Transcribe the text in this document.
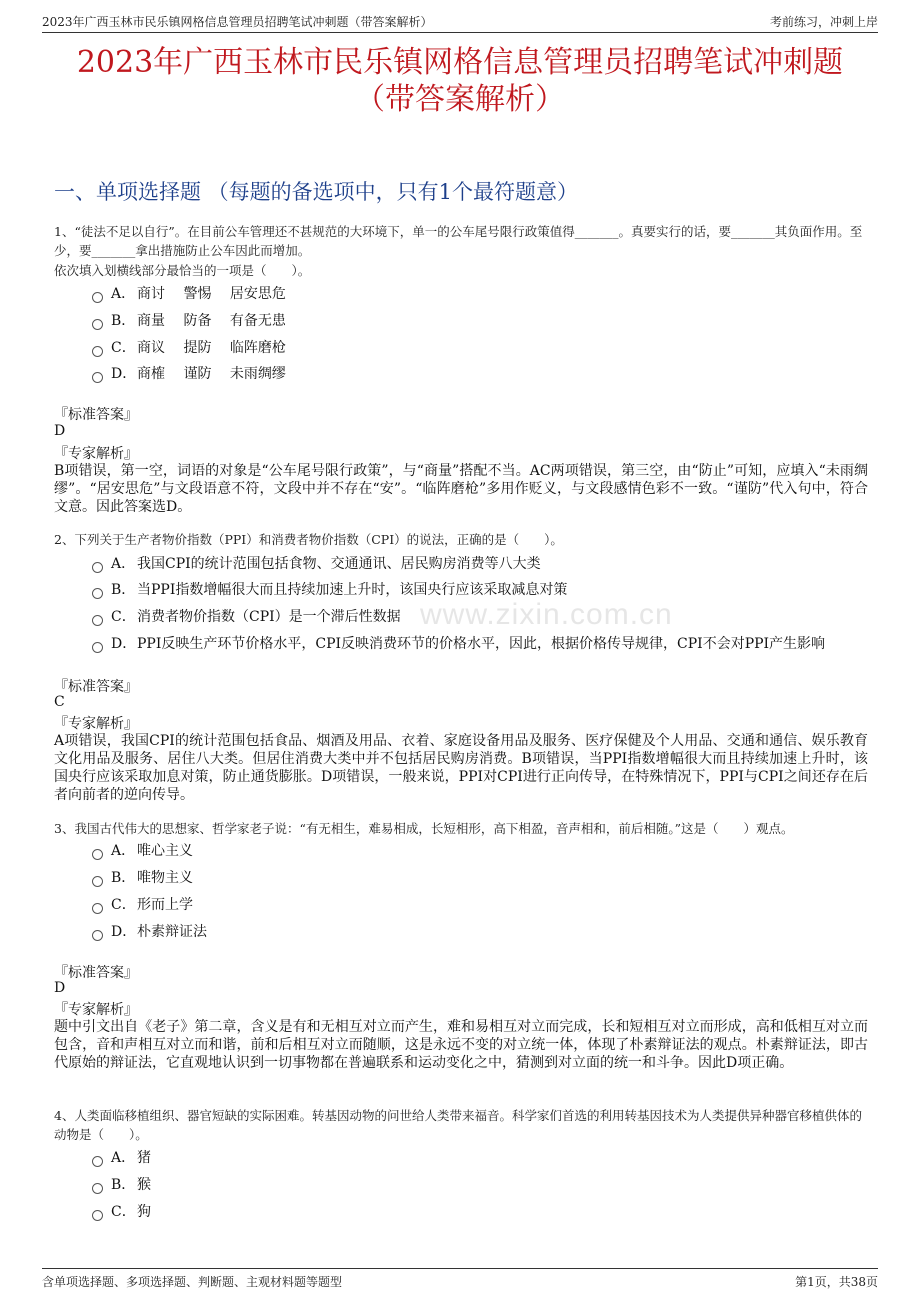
2023年广西玉林市民乐镇网格信息管理员招聘笔试冲刺题（带答案解析）	考前练习，冲刺上岸
2023年广西玉林市民乐镇网格信息管理员招聘笔试冲刺题（带答案解析）
一、单项选择题 （每题的备选项中，只有1个最符题意）
www.zixin.com.cn
1、“徒法不足以自行”。在目前公车管理还不甚规范的大环境下，单一的公车尾号限行政策值得_______。真要实行的话，要_______其负面作用。至少，要_______拿出措施防止公车因此而增加。
依次填入划横线部分最恰当的一项是（　　）。
A． 商讨　 警惕　 居安思危
B． 商量　 防备　 有备无患
C．商议　 提防　 临阵磨枪
D．商榷　 谨防　 未雨绸缪
『标准答案』
D
『专家解析』
B项错误，第一空，词语的对象是“公车尾号限行政策”，与“商量”搭配不当。AC两项错误，第三空，由“防止”可知，应填入“未雨绸缪”。“居安思危”与文段语意不符，文段中并不存在“安”。“临阵磨枪”多用作贬义，与文段感情色彩不一致。“谨防”代入句中，符合文意。因此答案选D。
2、下列关于生产者物价指数（PPI）和消费者物价指数（CPI）的说法，正确的是（　　）。
A． 我国CPI的统计范围包括食物、交通通讯、居民购房消费等八大类
B． 当PPI指数增幅很大而且持续加速上升时，该国央行应该采取减息对策
C．消费者物价指数（CPI）是一个滞后性数据
D．PPI反映生产环节价格水平，CPI反映消费环节的价格水平，因此，根据价格传导规律，CPI不会对PPI产生影响
『标准答案』
C
『专家解析』
A项错误，我国CPI的统计范围包括食品、烟酒及用品、衣着、家庭设备用品及服务、医疗保健及个人用品、交通和通信、娱乐教育文化用品及服务、居住八大类。但居住消费大类中并不包括居民购房消费。B项错误，当PPI指数增幅很大而且持续加速上升时，该国央行应该采取加息对策，防止通货膨胀。D项错误，一般来说，PPI对CPI进行正向传导，在特殊情况下，PPI与CPI之间还存在后者向前者的逆向传导。
3、我国古代伟大的思想家、哲学家老子说：“有无相生，难易相成，长短相形，高下相盈，音声相和，前后相随。”这是（　　）观点。
A． 唯心主义
B． 唯物主义
C．形而上学
D．朴素辩证法
『标准答案』
D
『专家解析』
题中引文出自《老子》第二章，含义是有和无相互对立而产生，难和易相互对立而完成，长和短相互对立而形成，高和低相互对立而包含，音和声相互对立而和谐，前和后相互对立而随顺，这是永远不变的对立统一体，体现了朴素辩证法的观点。朴素辩证法，即古代原始的辩证法，它直观地认识到一切事物都在普遍联系和运动变化之中，猜测到对立面的统一和斗争。因此D项正确。
4、人类面临移植组织、器官短缺的实际困难。转基因动物的问世给人类带来福音。科学家们首选的利用转基因技术为人类提供异种器官移植供体的动物是（　　）。
A． 猪
B． 猴
C．狗
含单项选择题、多项选择题、判断题、主观材料题等题型	第1页，共38页
